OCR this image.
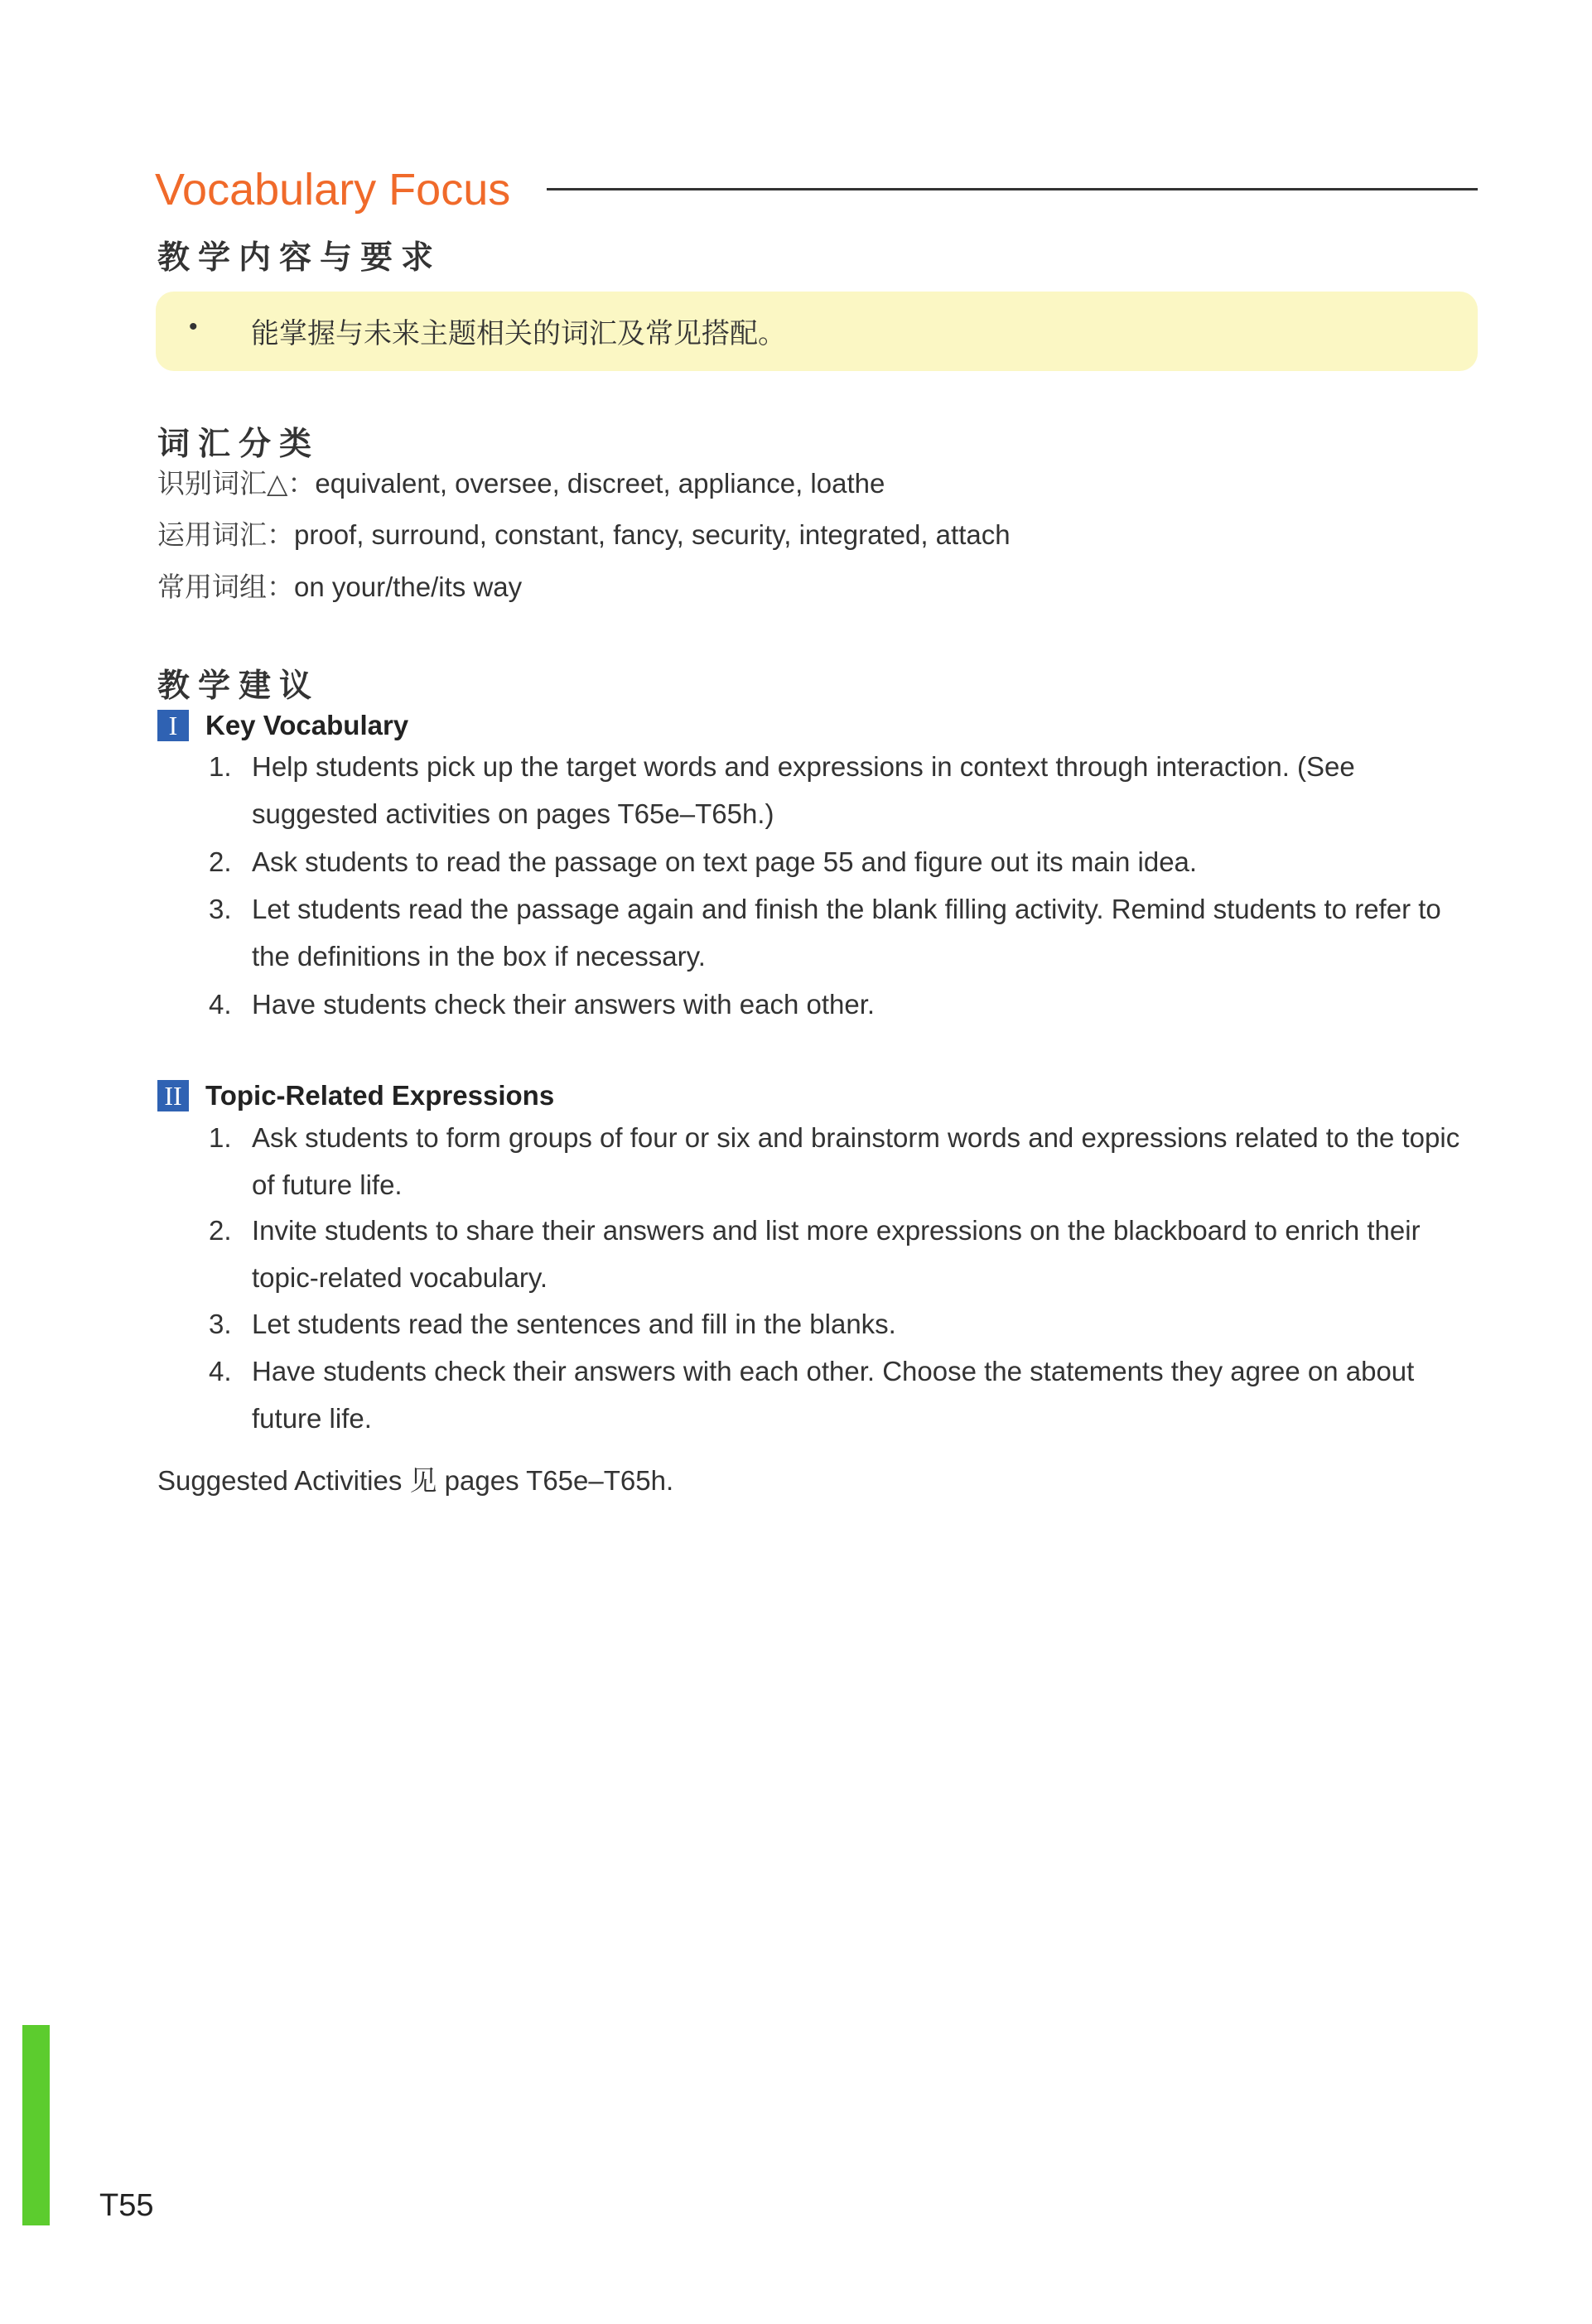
Vocabulary Focus
教学内容与要求
• 能掌握与未来主题相关的词汇及常见搭配。
词汇分类
识别词汇△：equivalent, oversee, discreet, appliance, loathe
运用词汇：proof, surround, constant, fancy, security, integrated, attach
常用词组：on your/the/its way
教学建议
I	Key Vocabulary
1. Help students pick up the target words and expressions in context through interaction. (See suggested activities on pages T65e–T65h.)
2. Ask students to read the passage on text page 55 and figure out its main idea.
3. Let students read the passage again and finish the blank filling activity. Remind students to refer to the definitions in the box if necessary.
4. Have students check their answers with each other.
II Topic-Related Expressions
1. Ask students to form groups of four or six and brainstorm words and expressions related to the topic of future life.
2. Invite students to share their answers and list more expressions on the blackboard to enrich their topic-related vocabulary.
3. Let students read the sentences and fill in the blanks.
4. Have students check their answers with each other. Choose the statements they agree on about future life.
Suggested Activities 见 pages T65e–T65h.
T55
